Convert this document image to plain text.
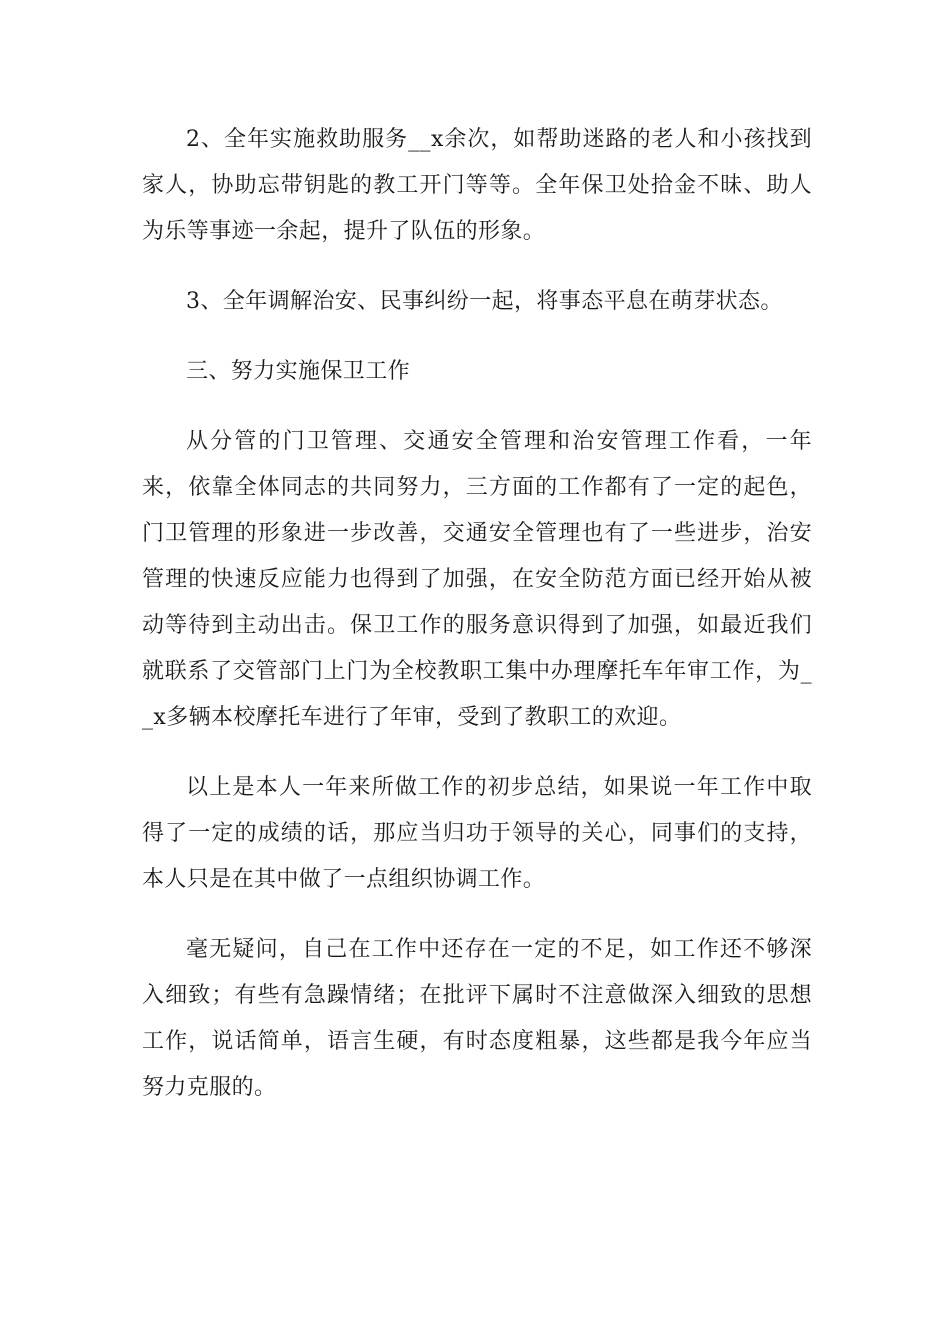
2、全年实施救助服务__x余次，如帮助迷路的老人和小孩找到家人，协助忘带钥匙的教工开门等等。全年保卫处拾金不昧、助人为乐等事迹一余起，提升了队伍的形象。

3、全年调解治安、民事纠纷一起，将事态平息在萌芽状态。

三、努力实施保卫工作

从分管的门卫管理、交通安全管理和治安管理工作看，一年来，依靠全体同志的共同努力，三方面的工作都有了一定的起色，门卫管理的形象进一步改善，交通安全管理也有了一些进步，治安管理的快速反应能力也得到了加强，在安全防范方面已经开始从被动等待到主动出击。保卫工作的服务意识得到了加强，如最近我们就联系了交管部门上门为全校教职工集中办理摩托车年审工作，为__x多辆本校摩托车进行了年审，受到了教职工的欢迎。

以上是本人一年来所做工作的初步总结，如果说一年工作中取得了一定的成绩的话，那应当归功于领导的关心，同事们的支持，本人只是在其中做了一点组织协调工作。

毫无疑问，自己在工作中还存在一定的不足，如工作还不够深入细致；有些有急躁情绪；在批评下属时不注意做深入细致的思想工作，说话简单，语言生硬，有时态度粗暴，这些都是我今年应当努力克服的。
